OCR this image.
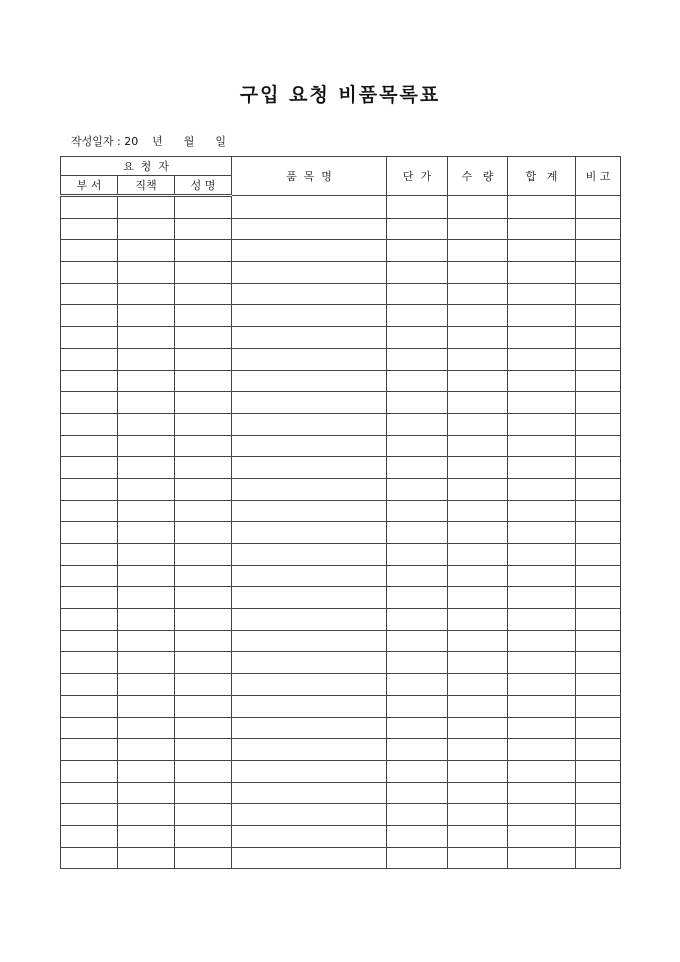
구입 요청 비품목록표
작성일자 : 20    년      월      일
요  청  자			품  목  명	단  가	수   량	합   계	비 고
부 서	직책	성 명					
